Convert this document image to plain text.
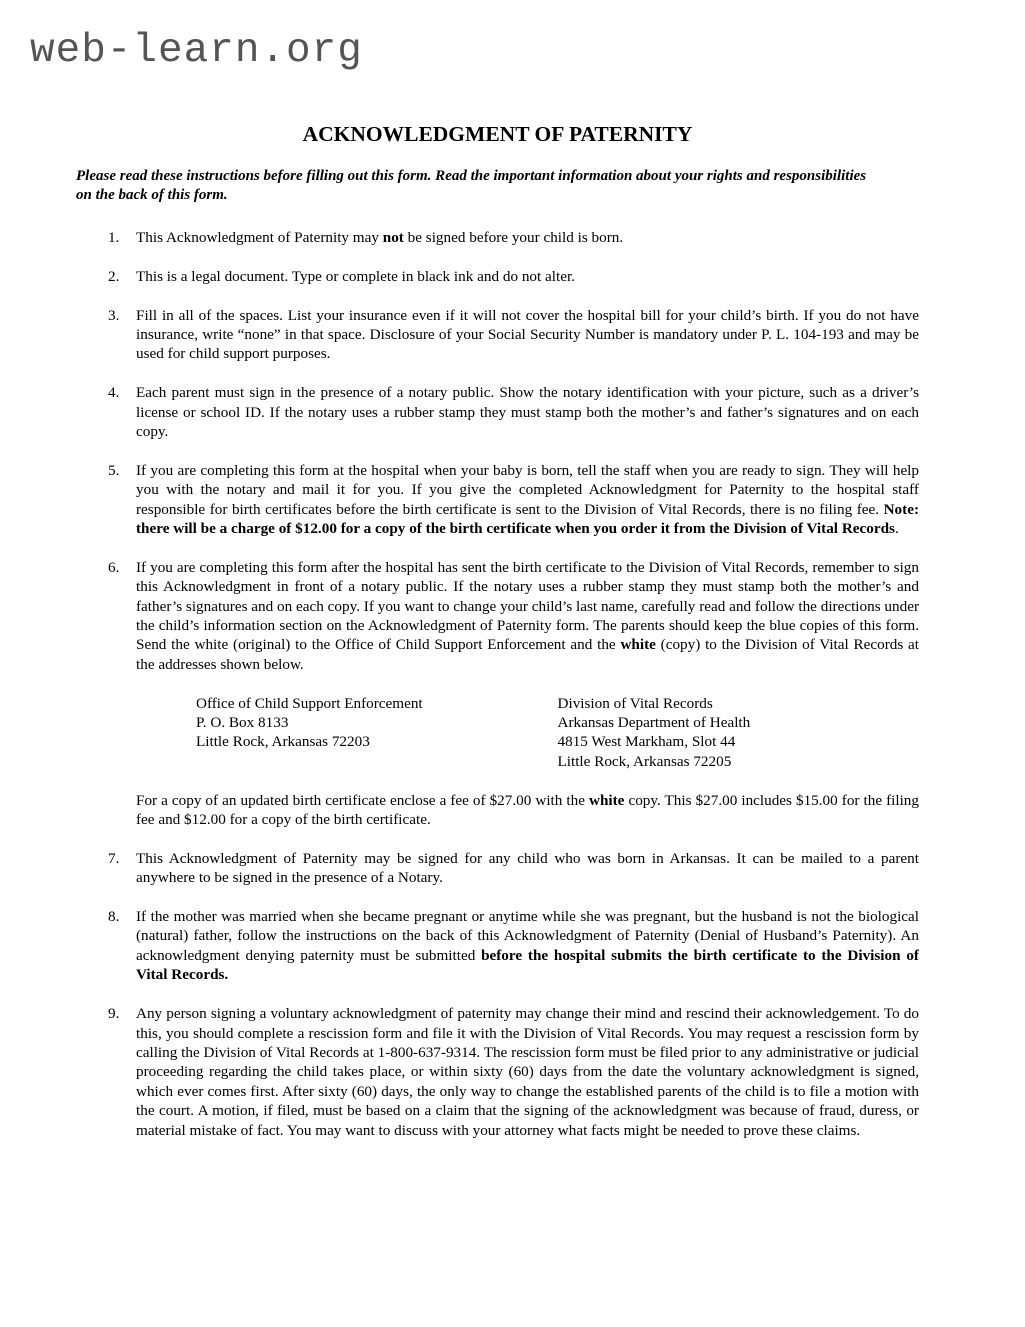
web-learn.org
ACKNOWLEDGMENT OF PATERNITY
Please read these instructions before filling out this form. Read the important information about your rights and responsibilities on the back of this form.
1. This Acknowledgment of Paternity may not be signed before your child is born.
2. This is a legal document. Type or complete in black ink and do not alter.
3. Fill in all of the spaces. List your insurance even if it will not cover the hospital bill for your child’s birth. If you do not have insurance, write “none” in that space. Disclosure of your Social Security Number is mandatory under P. L. 104-193 and may be used for child support purposes.
4. Each parent must sign in the presence of a notary public. Show the notary identification with your picture, such as a driver’s license or school ID. If the notary uses a rubber stamp they must stamp both the mother’s and father’s signatures and on each copy.
5. If you are completing this form at the hospital when your baby is born, tell the staff when you are ready to sign. They will help you with the notary and mail it for you. If you give the completed Acknowledgment for Paternity to the hospital staff responsible for birth certificates before the birth certificate is sent to the Division of Vital Records, there is no filing fee. Note: there will be a charge of $12.00 for a copy of the birth certificate when you order it from the Division of Vital Records.
6. If you are completing this form after the hospital has sent the birth certificate to the Division of Vital Records, remember to sign this Acknowledgment in front of a notary public. If the notary uses a rubber stamp they must stamp both the mother’s and father’s signatures and on each copy. If you want to change your child’s last name, carefully read and follow the directions under the child’s information section on the Acknowledgment of Paternity form. The parents should keep the blue copies of this form. Send the white (original) to the Office of Child Support Enforcement and the white (copy) to the Division of Vital Records at the addresses shown below.
Office of Child Support Enforcement
P. O. Box 8133
Little Rock, Arkansas 72203
Division of Vital Records
Arkansas Department of Health
4815 West Markham, Slot 44
Little Rock, Arkansas 72205
For a copy of an updated birth certificate enclose a fee of $27.00 with the white copy. This $27.00 includes $15.00 for the filing fee and $12.00 for a copy of the birth certificate.
7. This Acknowledgment of Paternity may be signed for any child who was born in Arkansas. It can be mailed to a parent anywhere to be signed in the presence of a Notary.
8. If the mother was married when she became pregnant or anytime while she was pregnant, but the husband is not the biological (natural) father, follow the instructions on the back of this Acknowledgment of Paternity (Denial of Husband’s Paternity). An acknowledgment denying paternity must be submitted before the hospital submits the birth certificate to the Division of Vital Records.
9. Any person signing a voluntary acknowledgment of paternity may change their mind and rescind their acknowledgement. To do this, you should complete a rescission form and file it with the Division of Vital Records. You may request a rescission form by calling the Division of Vital Records at 1-800-637-9314. The rescission form must be filed prior to any administrative or judicial proceeding regarding the child takes place, or within sixty (60) days from the date the voluntary acknowledgment is signed, which ever comes first. After sixty (60) days, the only way to change the established parents of the child is to file a motion with the court. A motion, if filed, must be based on a claim that the signing of the acknowledgment was because of fraud, duress, or material mistake of fact. You may want to discuss with your attorney what facts might be needed to prove these claims.
